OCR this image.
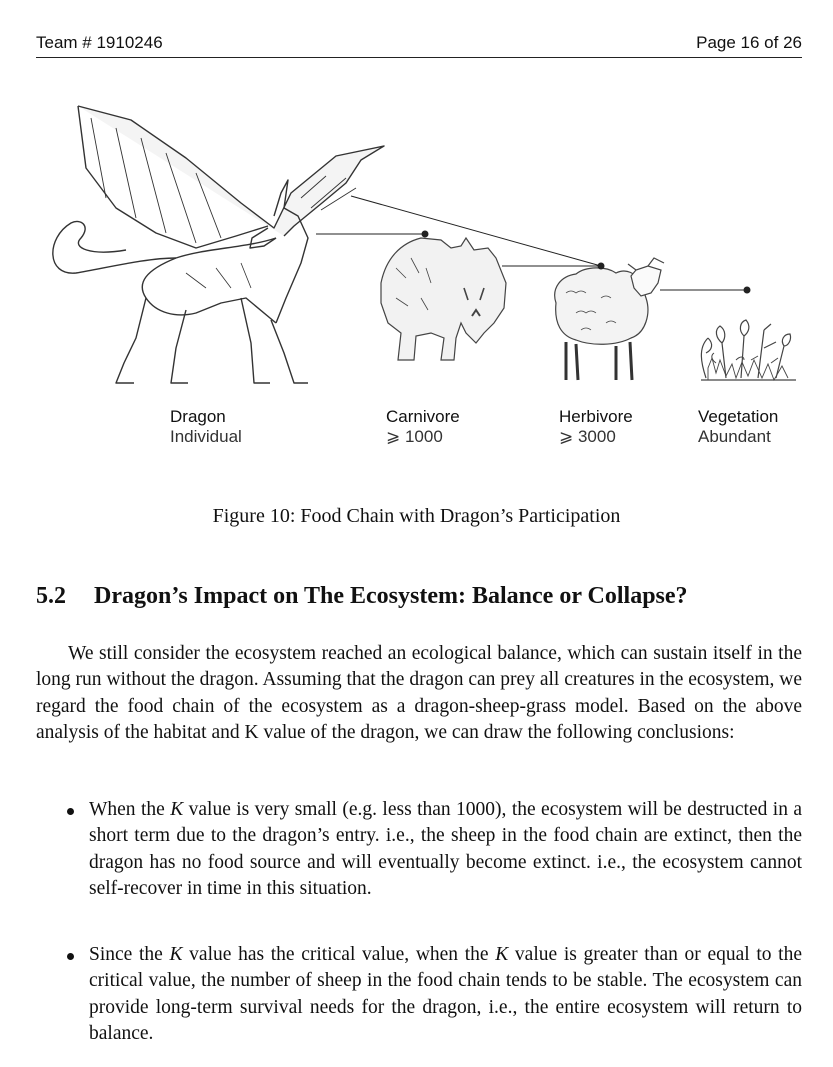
Team # 1910246	Page 16 of 26
Dragon
Individual
Carnivore
⩾ 1000
Herbivore
⩾ 3000
Vegetation
Abundant
Figure 10: Food Chain with Dragon’s Participation
5.2 Dragon’s Impact on The Ecosystem: Balance or Collapse?

We still consider the ecosystem reached an ecological balance, which can sustain itself in the long run without the dragon. Assuming that the dragon can prey all creatures in the ecosystem, we regard the food chain of the ecosystem as a dragon-sheep-grass model. Based on the above analysis of the habitat and K value of the dragon, we can draw the following conclusions:

When the K value is very small (e.g. less than 1000), the ecosystem will be destructed in a short term due to the dragon’s entry. i.e., the sheep in the food chain are extinct, then the dragon has no food source and will eventually become extinct. i.e., the ecosystem cannot self-recover in time in this situation.
Since the K value has the critical value, when the K value is greater than or equal to the critical value, the number of sheep in the food chain tends to be stable. The ecosystem can provide long-term survival needs for the dragon, i.e., the entire ecosystem will return to balance.
